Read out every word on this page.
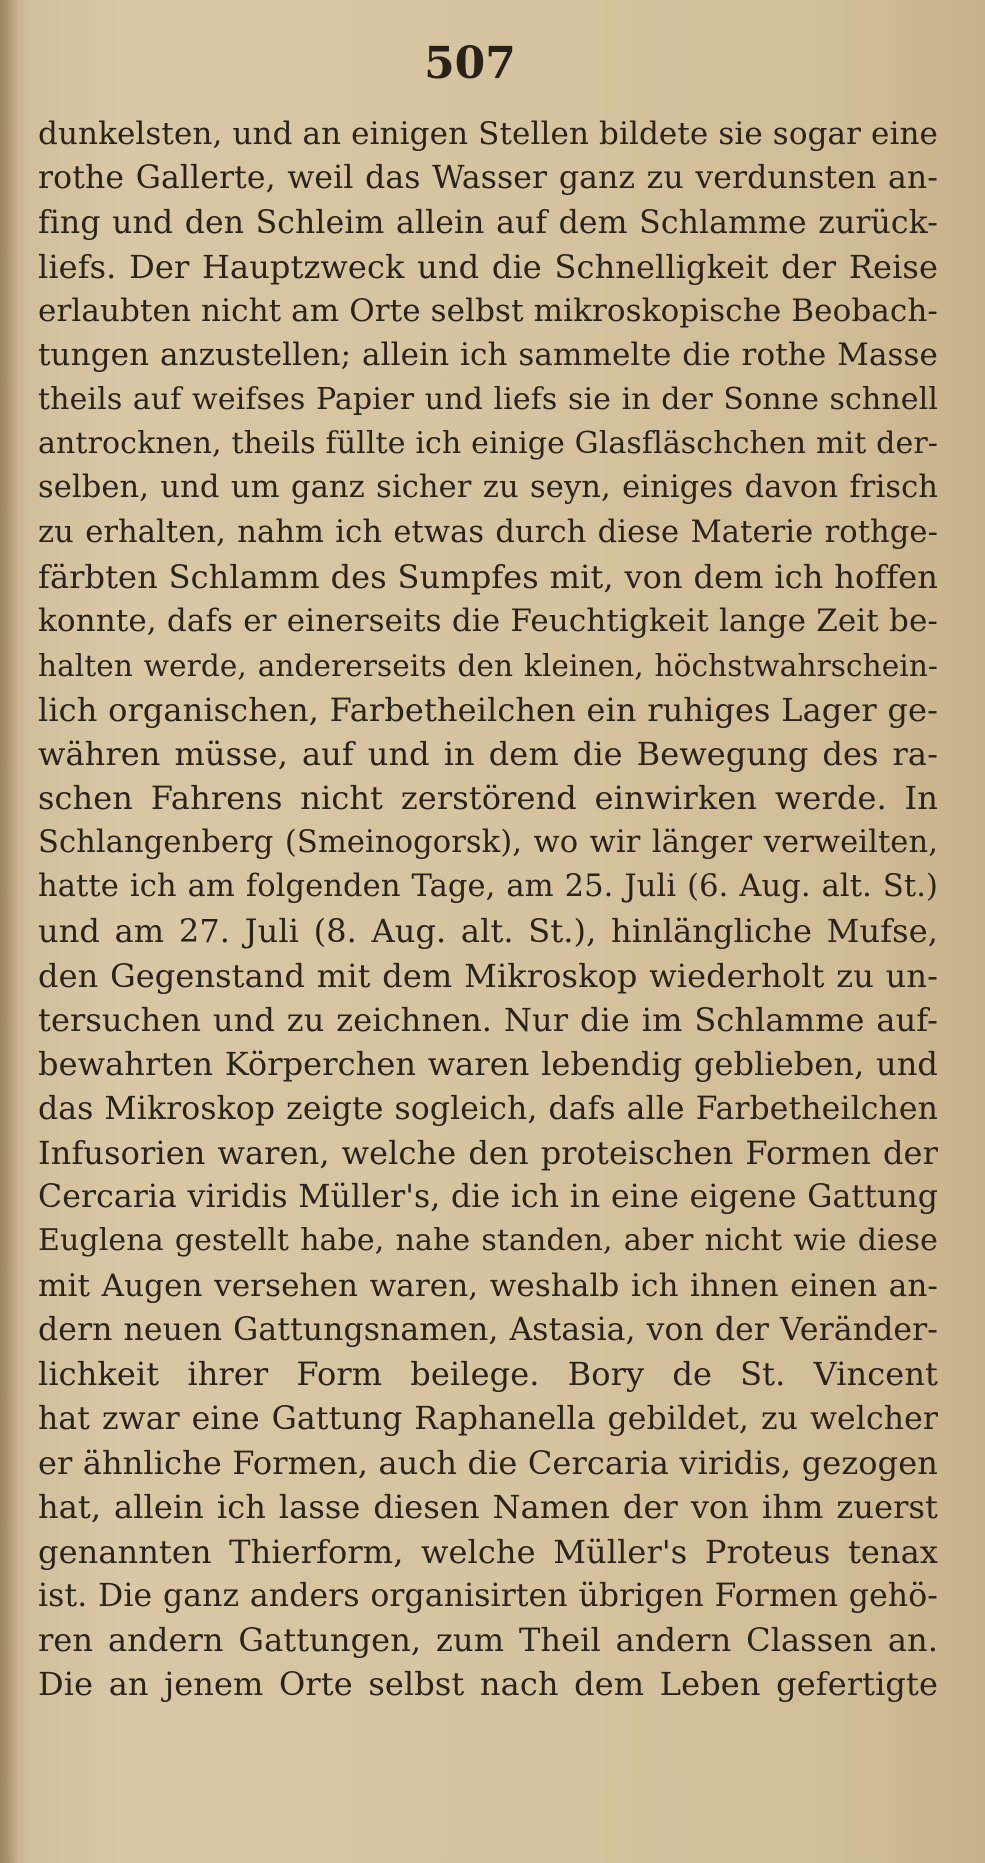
507
dunkelsten, und an einigen Stellen bildete sie sogar eine
rothe Gallerte, weil das Wasser ganz zu verdunsten an-
fing und den Schleim allein auf dem Schlamme zurück-
liefs. Der Hauptzweck und die Schnelligkeit der Reise
erlaubten nicht am Orte selbst mikroskopische Beobach-
tungen anzustellen; allein ich sammelte die rothe Masse
theils auf weifses Papier und liefs sie in der Sonne schnell
antrocknen, theils füllte ich einige Glasfläschchen mit der-
selben, und um ganz sicher zu seyn, einiges davon frisch
zu erhalten, nahm ich etwas durch diese Materie rothge-
färbten Schlamm des Sumpfes mit, von dem ich hoffen
konnte, dafs er einerseits die Feuchtigkeit lange Zeit be-
halten werde, andererseits den kleinen, höchstwahrschein-
lich organischen, Farbetheilchen ein ruhiges Lager ge-
währen müsse, auf und in dem die Bewegung des ra-
schen Fahrens nicht zerstörend einwirken werde. In
Schlangenberg (Smeinogorsk), wo wir länger verweilten,
hatte ich am folgenden Tage, am 25. Juli (6. Aug. alt. St.)
und am 27. Juli (8. Aug. alt. St.), hinlängliche Mufse,
den Gegenstand mit dem Mikroskop wiederholt zu un-
tersuchen und zu zeichnen. Nur die im Schlamme auf-
bewahrten Körperchen waren lebendig geblieben, und
das Mikroskop zeigte sogleich, dafs alle Farbetheilchen
Infusorien waren, welche den proteischen Formen der
Cercaria viridis Müller's, die ich in eine eigene Gattung
Euglena gestellt habe, nahe standen, aber nicht wie diese
mit Augen versehen waren, weshalb ich ihnen einen an-
dern neuen Gattungsnamen, Astasia, von der Veränder-
lichkeit ihrer Form beilege. Bory de St. Vincent
hat zwar eine Gattung Raphanella gebildet, zu welcher
er ähnliche Formen, auch die Cercaria viridis, gezogen
hat, allein ich lasse diesen Namen der von ihm zuerst
genannten Thierform, welche Müller's Proteus tenax
ist. Die ganz anders organisirten übrigen Formen gehö-
ren andern Gattungen, zum Theil andern Classen an.
Die an jenem Orte selbst nach dem Leben gefertigte
